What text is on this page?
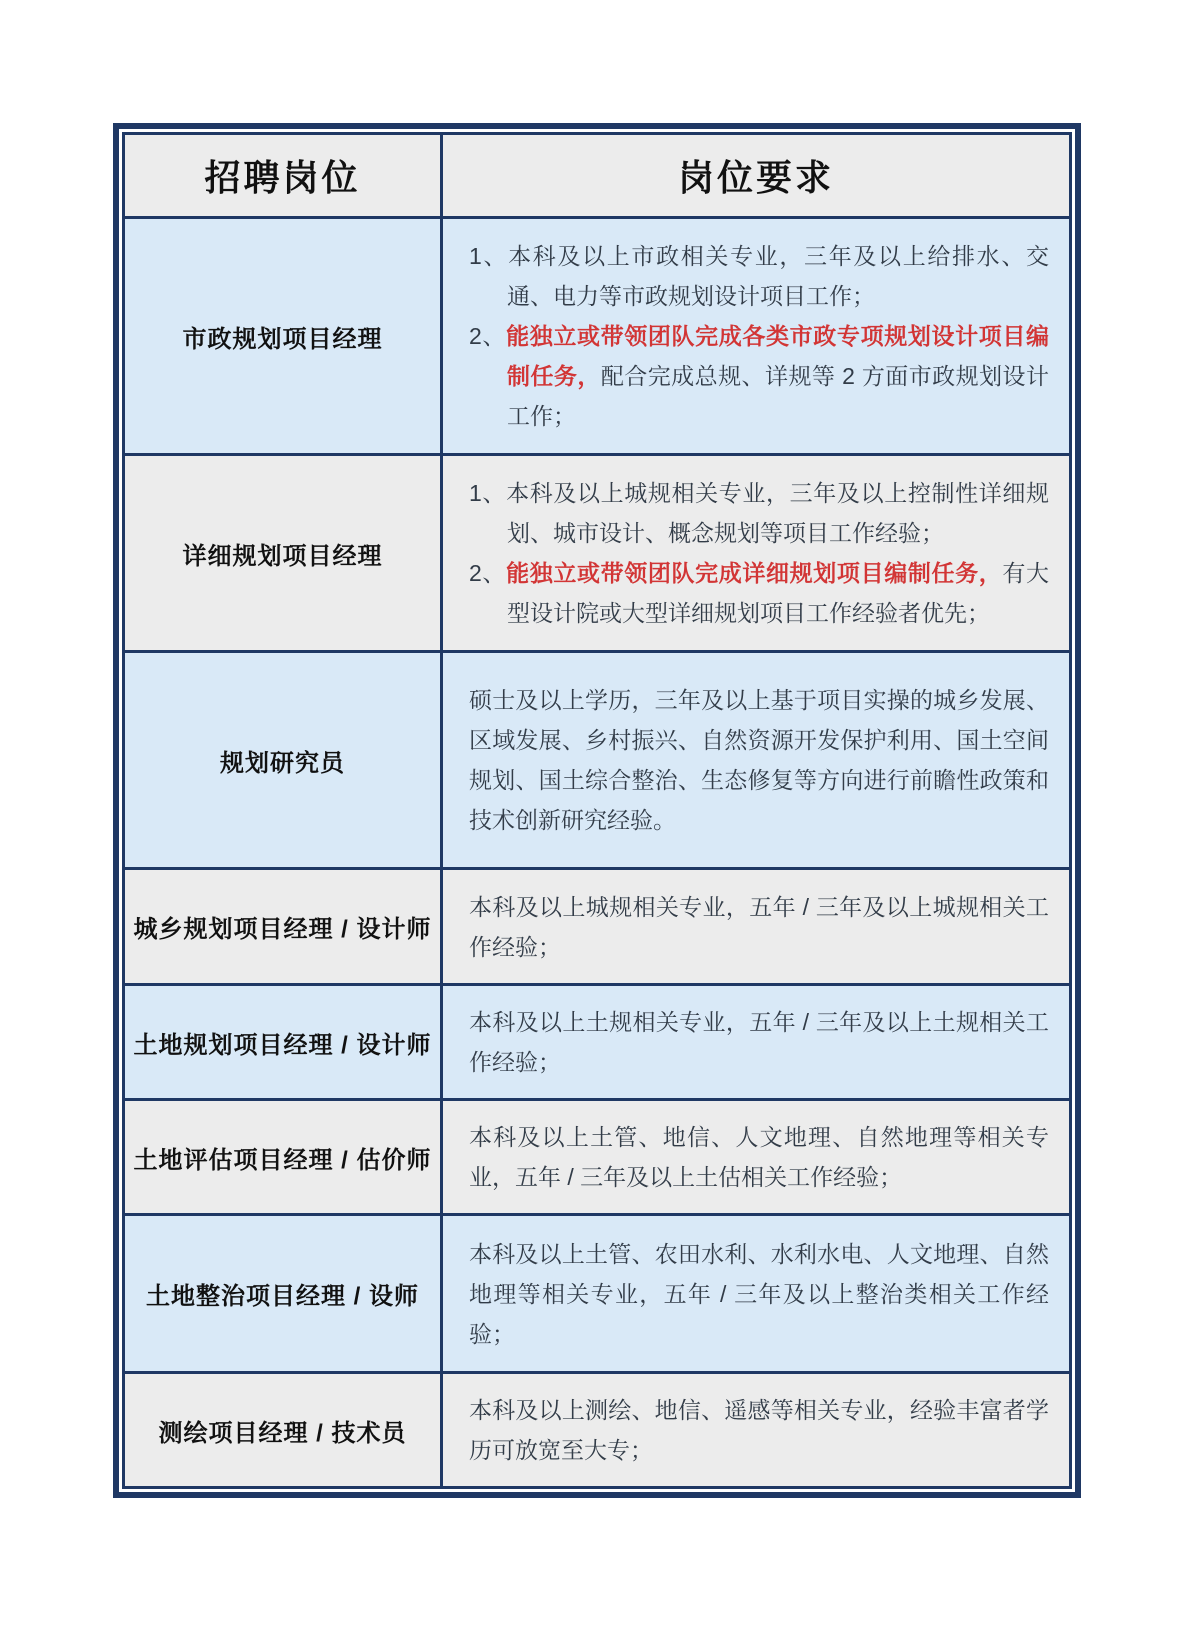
招聘岗位	岗位要求
市政规划项目经理	1、本科及以上市政相关专业，三年及以上给排水、交通、电力等市政规划设计项目工作；

2、能独立或带领团队完成各类市政专项规划设计项目编制任务，配合完成总规、详规等 2 方面市政规划设计工作；

详细规划项目经理	1、本科及以上城规相关专业，三年及以上控制性详细规划、城市设计、概念规划等项目工作经验；

2、能独立或带领团队完成详细规划项目编制任务，有大型设计院或大型详细规划项目工作经验者优先；

规划研究员	硕士及以上学历，三年及以上基于项目实操的城乡发展、区域发展、乡村振兴、自然资源开发保护利用、国土空间规划、国土综合整治、生态修复等方向进行前瞻性政策和技术创新研究经验。

城乡规划项目经理 / 设计师	本科及以上城规相关专业，五年 / 三年及以上城规相关工作经验；

土地规划项目经理 / 设计师	本科及以上土规相关专业，五年 / 三年及以上土规相关工作经验；

土地评估项目经理 / 估价师	本科及以上土管、地信、人文地理、自然地理等相关专业，五年 / 三年及以上土估相关工作经验；

土地整治项目经理 / 设师	本科及以上土管、农田水利、水利水电、人文地理、自然地理等相关专业，五年 / 三年及以上整治类相关工作经验；

测绘项目经理 / 技术员	本科及以上测绘、地信、遥感等相关专业，经验丰富者学历可放宽至大专；
